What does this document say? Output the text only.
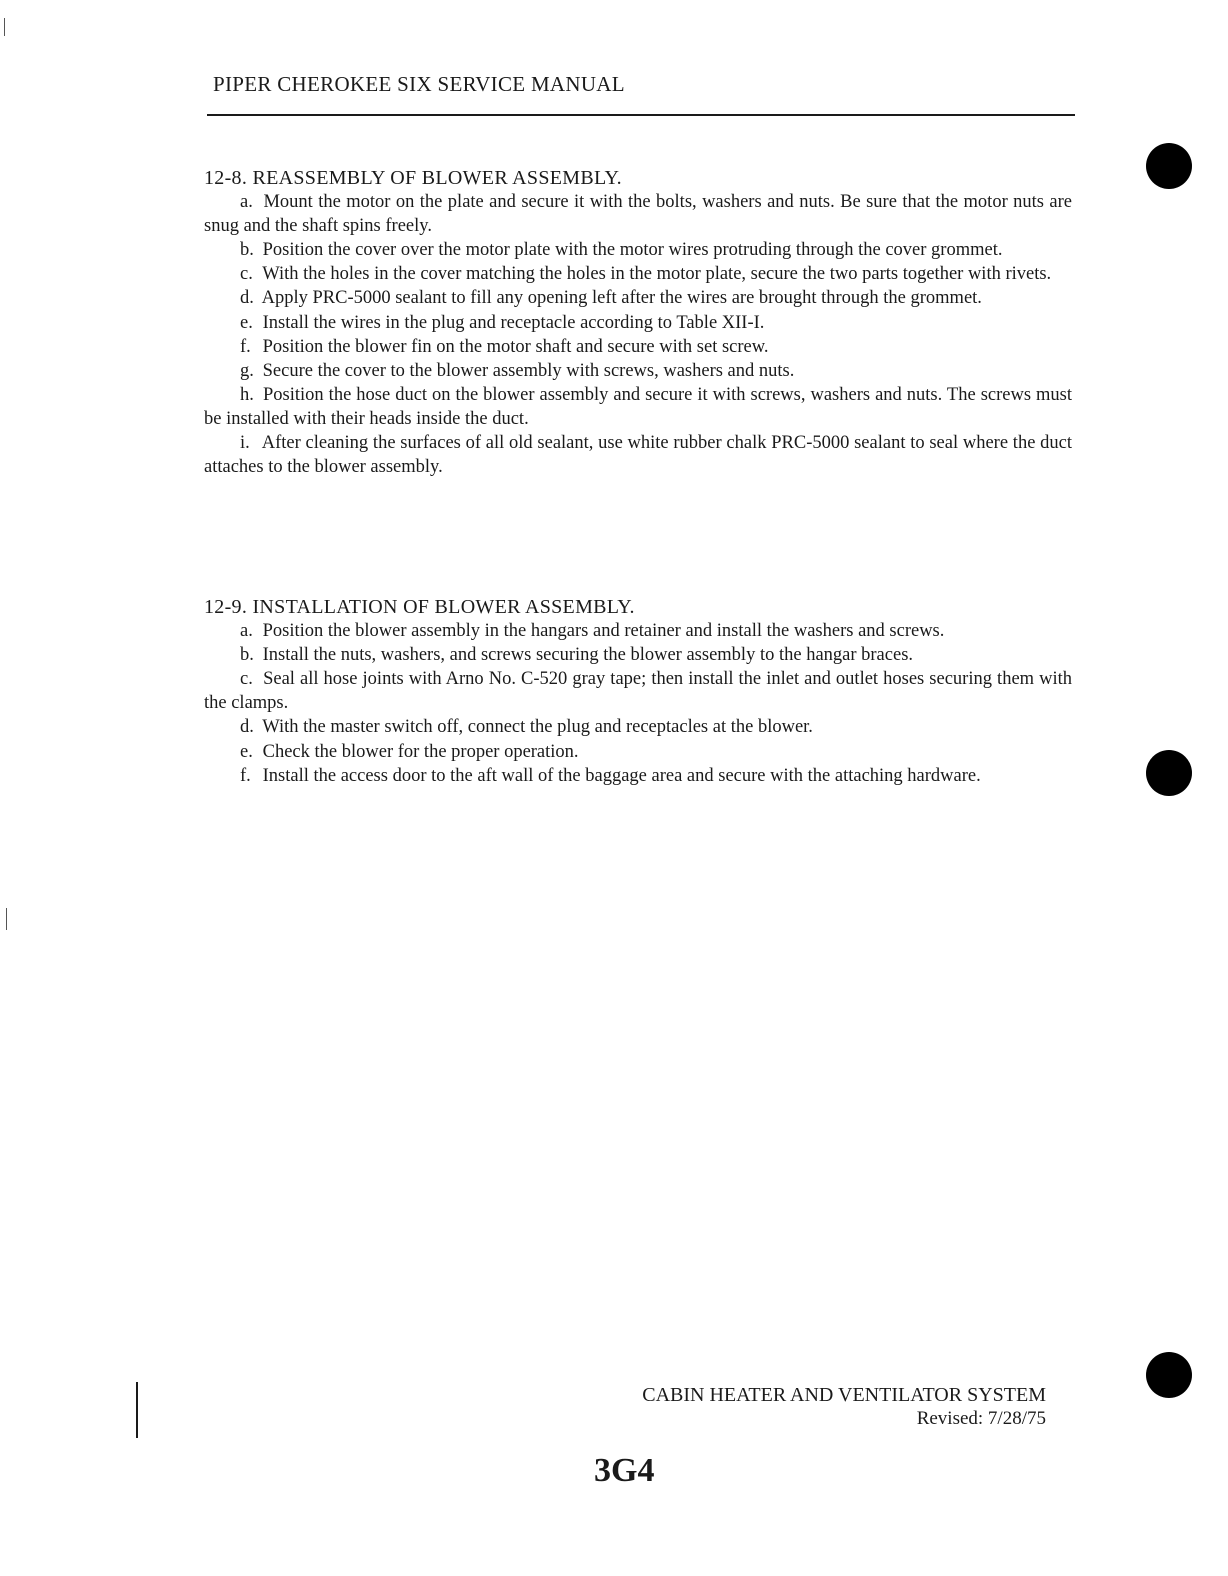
PIPER CHEROKEE SIX SERVICE MANUAL
12-8. REASSEMBLY OF BLOWER ASSEMBLY.
a. Mount the motor on the plate and secure it with the bolts, washers and nuts. Be sure that the motor nuts are snug and the shaft spins freely.
b. Position the cover over the motor plate with the motor wires protruding through the cover grommet.
c. With the holes in the cover matching the holes in the motor plate, secure the two parts together with rivets.
d. Apply PRC-5000 sealant to fill any opening left after the wires are brought through the grommet.
e. Install the wires in the plug and receptacle according to Table XII-I.
f. Position the blower fin on the motor shaft and secure with set screw.
g. Secure the cover to the blower assembly with screws, washers and nuts.
h. Position the hose duct on the blower assembly and secure it with screws, washers and nuts. The screws must be installed with their heads inside the duct.
i. After cleaning the surfaces of all old sealant, use white rubber chalk PRC-5000 sealant to seal where the duct attaches to the blower assembly.
12-9. INSTALLATION OF BLOWER ASSEMBLY.
a. Position the blower assembly in the hangars and retainer and install the washers and screws.
b. Install the nuts, washers, and screws securing the blower assembly to the hangar braces.
c. Seal all hose joints with Arno No. C-520 gray tape; then install the inlet and outlet hoses securing them with the clamps.
d. With the master switch off, connect the plug and receptacles at the blower.
e. Check the blower for the proper operation.
f. Install the access door to the aft wall of the baggage area and secure with the attaching hardware.
CABIN HEATER AND VENTILATOR SYSTEM
Revised: 7/28/75
3G4
